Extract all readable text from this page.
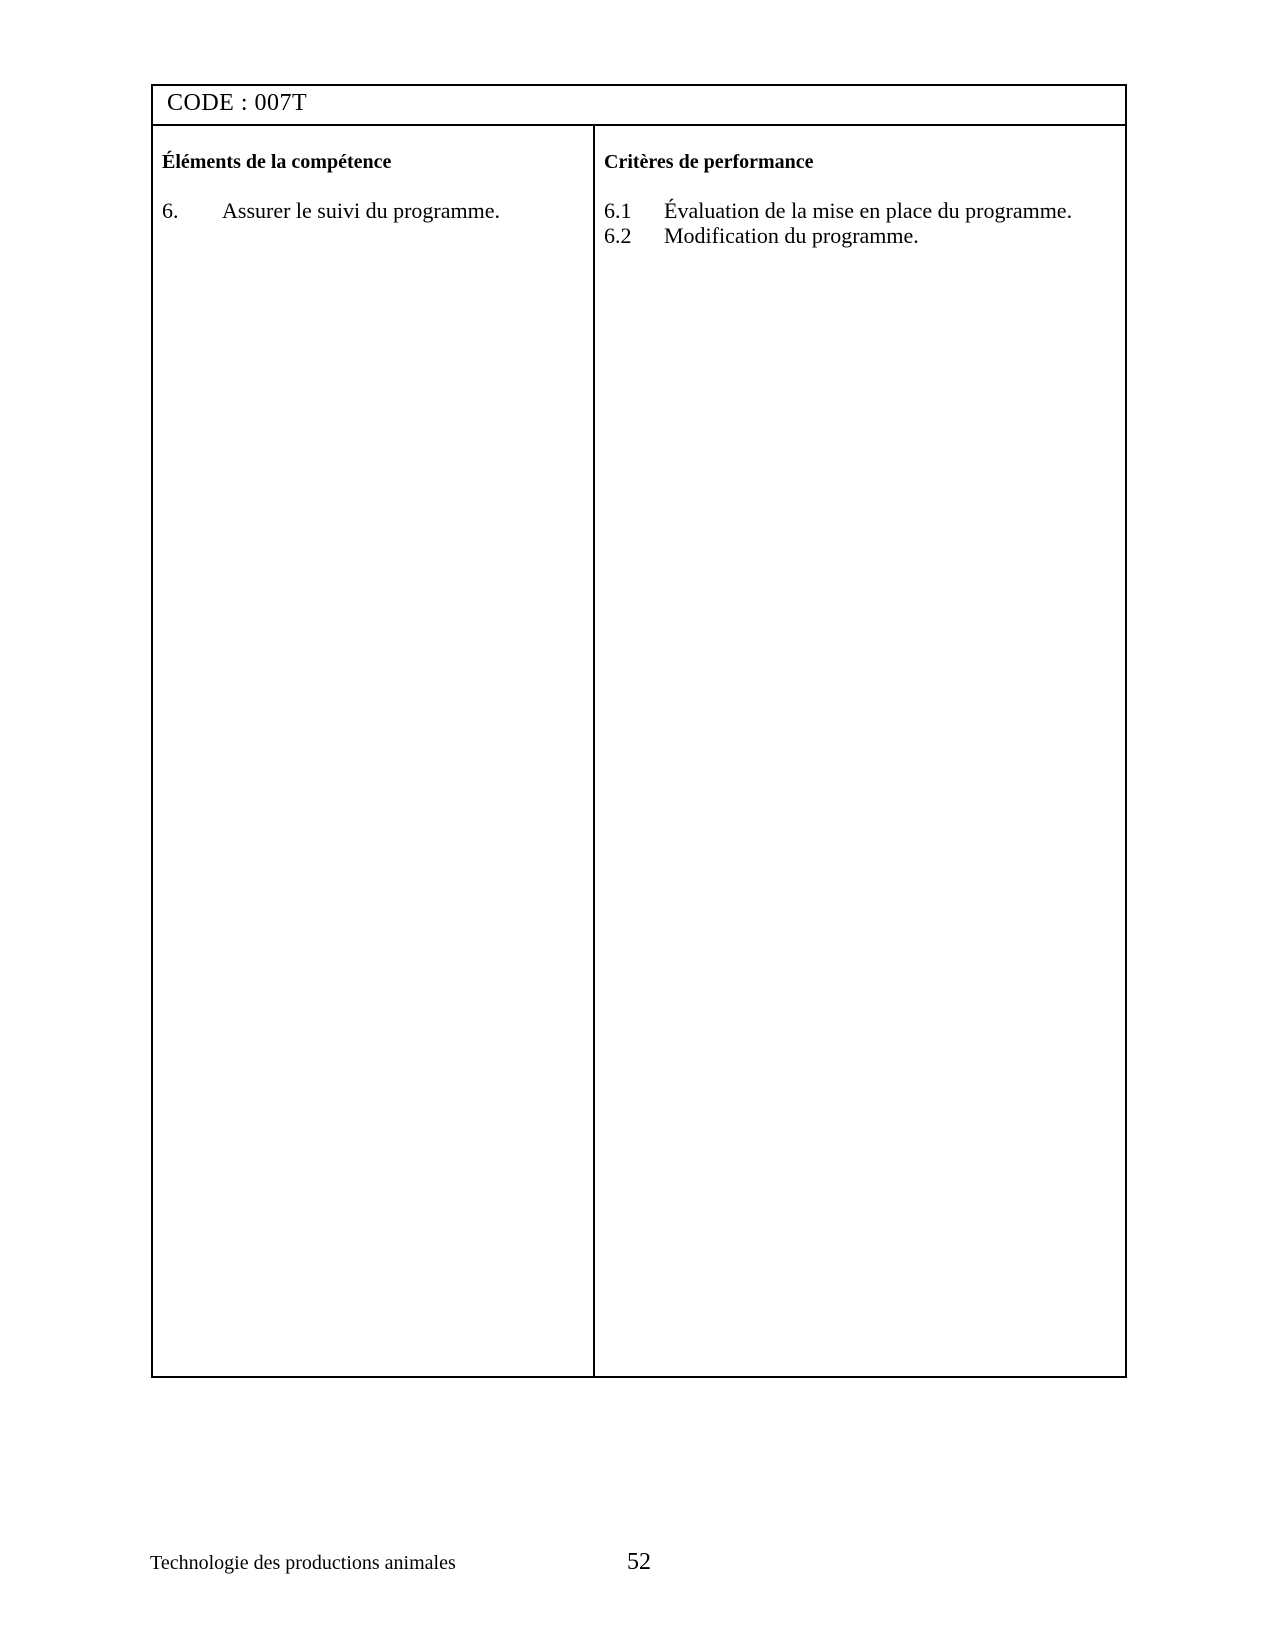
CODE : 007T
Éléments de la compétence	Critères de performance
6.	Assurer le suivi du programme.	6.1	Évaluation de la mise en place du programme.
6.2	Modification du programme.
Technologie des productions animales	52
